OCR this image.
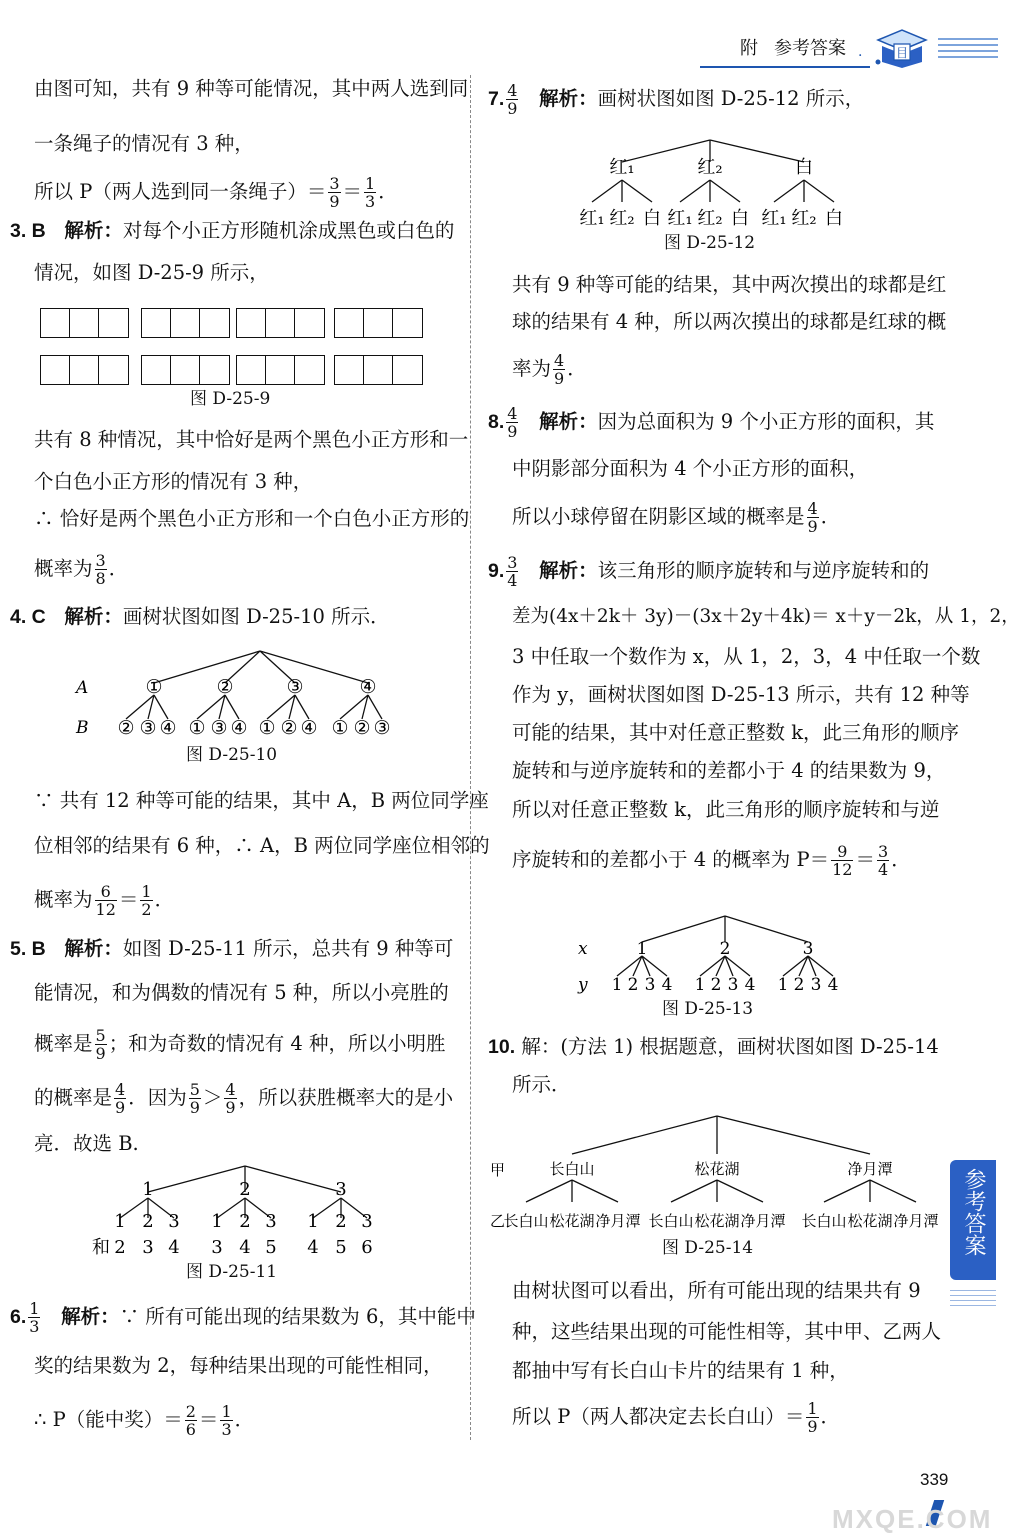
附 参考答案 ·	目
由图可知，共有 9 种等可能情况，其中两人选到同
一条绳子的情况有 3 种，
所以 P（两人选到同一条绳子）＝ $\frac{3}{9} = \frac{1}{3}$ ．
3. B 解析：对每个小正方形随机涂成黑色或白色的
情况，如图 D-25-9 所示，
图 D-25-9
共有 8 种情况，其中恰好是两个黑色小正方形和一
个白色小正方形的情况有 3 种，
∴ 恰好是两个黑色小正方形和一个白色小正方形的
概率为 $\frac{3}{8}$ ．
4. C 解析：画树状图如图 D-25-10 所示．
A
B
①	②	③	④
② ③ ④ ① ③ ④ ① ② ④ ① ② ③
图 D-25-10
∵ 共有 12 种等可能的结果，其中 A，B 两位同学座
位相邻的结果有 6 种，∴ A，B 两位同学座位相邻的
概率为 $\frac{6}{12} = \frac{1}{2}$ ．
5. B 解析：如图 D-25-11 所示，总共有 9 种等可
能情况，和为偶数的情况有 5 种，所以小亮胜的
概率是 $\frac{5}{9}$ ；和为奇数的情况有 4 种，所以小明胜
的概率是 $\frac{4}{9}$ ．因为 $\frac{5}{9} > \frac{4}{9}$ ，所以获胜概率大的是小
亮．故选 B.
和
1	2	3
1 2 3 1 2 3 1 2 3
2 3 4 3 4 5 4 5 6
图 D-25-11
6. $\frac{1}{3}$ 解析：∵ 所有可能出现的结果数为 6，其中能中
奖的结果数为 2，每种结果出现的可能性相同，
∴ P（能中奖）＝ $\frac{2}{6} = \frac{1}{3}$ ．
7. $\frac{4}{9}$ 解析：画树状图如图 D-25-12 所示，
红₁	红₂	白
红₁ 红₂ 白 红₁ 红₂ 白 红₁ 红₂ 白
图 D-25-12
共有 9 种等可能的结果，其中两次摸出的球都是红
球的结果有 4 种，所以两次摸出的球都是红球的概
率为 $\frac{4}{9}$ ．
8. $\frac{4}{9}$ 解析：因为总面积为 9 个小正方形的面积，其
中阴影部分面积为 4 个小正方形的面积，
所以小球停留在阴影区域的概率是 $\frac{4}{9}$ ．
9. $\frac{3}{4}$ 解析：该三角形的顺序旋转和与逆序旋转和的
差为(4x＋2k＋ 3y)－(3x＋2y＋4k)＝ x＋y－2k，从 1，2，
3 中任取一个数作为 x，从 1，2，3，4 中任取一个数
作为 y，画树状图如图 D-25-13 所示，共有 12 种等
可能的结果，其中对任意正整数 k，此三角形的顺序
旋转和与逆序旋转和的差都小于 4 的结果数为 9，
所以对任意正整数 k，此三角形的顺序旋转和与逆
序旋转和的差都小于 4 的概率为 $P= \frac{9}{12} = \frac{3}{4}$ ．
x
y
1	2	3
1 2 3 4 1 2 3 4 1 2 3 4
图 D-25-13
10. 解：(方法 1) 根据题意，画树状图如图 D-25-14
所示．
甲
乙
长白山	松花湖	净月潭
长白山 松花湖 净月潭 长白山 松花湖 净月潭 长白山 松花湖 净月潭
图 D-25-14
由树状图可以看出，所有可能出现的结果共有 9
种，这些结果出现的可能性相等，其中甲、乙两人
都抽中写有长白山卡片的结果有 1 种，
所以 P（两人都决定去长白山）＝ $\frac{1}{9}$ ．
参考答案
339
MXQE.COM
